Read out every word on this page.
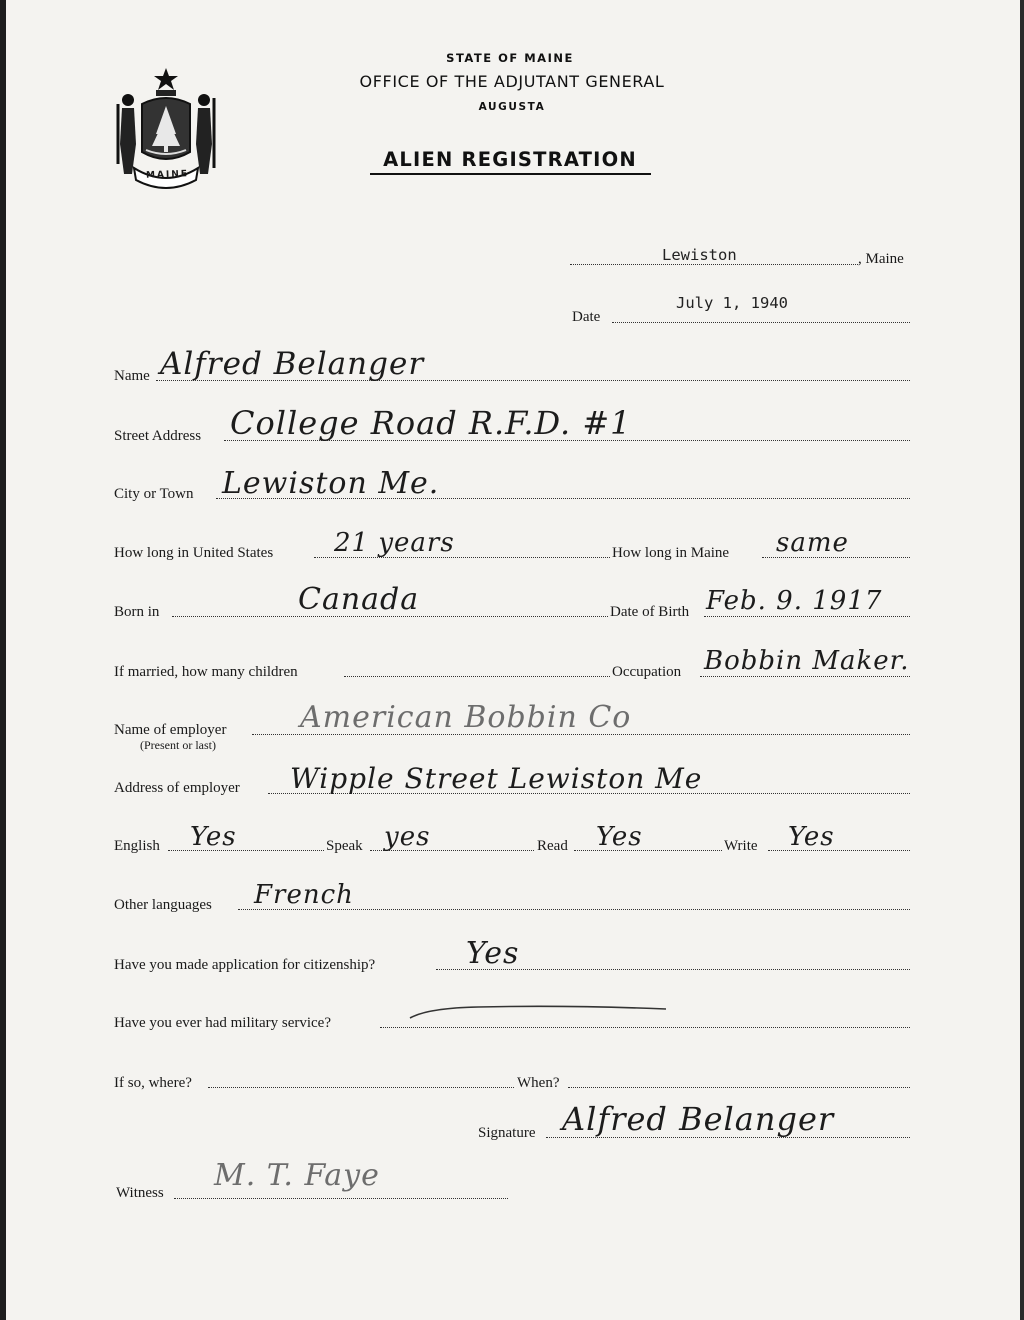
MAINE
STATE OF MAINE
OFFICE OF THE ADJUTANT GENERAL
AUGUSTA
ALIEN REGISTRATION
Lewiston	, Maine
Date
July 1, 1940
Name Alfred Belanger
Street Address College Road R.F.D. #1
City or Town Lewiston Me.
How long in United States 21 years	How long in Maine same
Born in	Canada	Date of Birth Feb. 9. 1917
If married, how many children	Occupation Bobbin Maker.
Name of employer
(Present or last)
American Bobbin Co
Address of employer Wipple Street Lewiston Me
English Yes	Speak yes	Read Yes	Write Yes
Other languages French
Have you made application for citizenship?	Yes
Have you ever had military service?
If so, where?	When?
Signature Alfred Belanger
Witness M. T. Faye
